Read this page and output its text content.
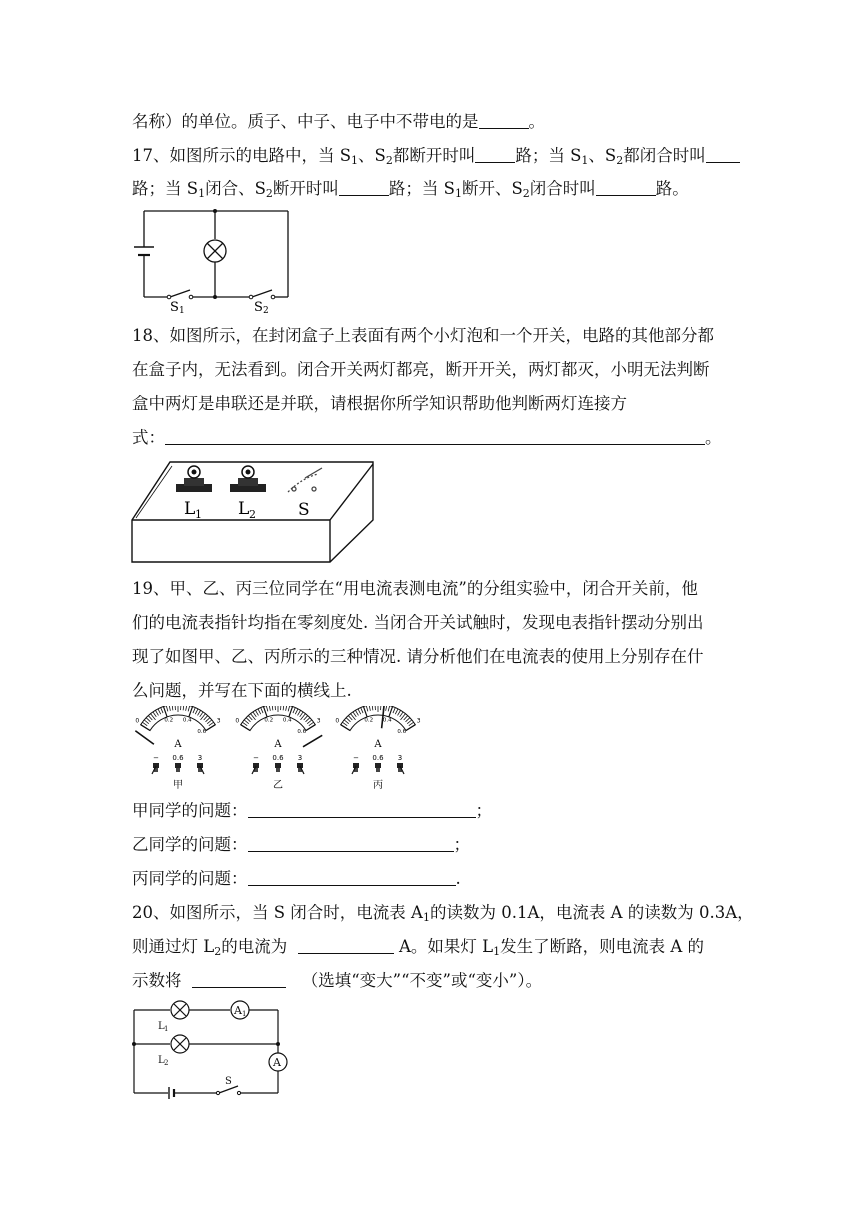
名称）的单位。质子、中子、电子中不带电的是	。
17、如图所示的电路中，当 $S_1$、$S_2$都断开时叫 路；当 $S_1$、$S_2$都闭合时叫
路；当 $S_1$闭合、$S_2$断开时叫	路；当 $S_1$断开、$S_2$闭合时叫	路。
S 1	S 2
18、如图所示，在封闭盒子上表面有两个小灯泡和一个开关，电路的其他部分都
在盒子内，无法看到。闭合开关两灯都亮，断开开关，两灯都灭，小明无法判断
盒中两灯是串联还是并联，请根据你所学知识帮助他判断两灯连接方
式：	。
L 1 L 2 S
19、甲、乙、丙三位同学在“用电流表测电流”的分组实验中，闭合开关前，他
们的电流表指针均指在零刻度处. 当闭合开关试触时，发现电表指针摆动分别出
现了如图甲、乙、丙所示的三种情况. 请分析他们在电流表的使用上分别存在什
么问题，并写在下面的横线上.
0	3
0.2 0.4
0.6
A
− 0.6 3
甲
0	3
0.2 0.4
0.6
A
− 0.6 3
乙
0	3
0.2 0.4
0.6
A
− 0.6 3
丙
甲同学的问题：	；
乙同学的问题：	；
丙同学的问题：	.
20、如图所示，当 S 闭合时，电流表 $A_1$的读数为 0.1A，电流表 A 的读数为 0.3A，
则通过灯 $L_2$的电流为	A。如果灯 $L_1$发生了断路，则电流表 A 的
示数将	（选填“变大”“不变”或“变小”）。
A 1
A
L 1
L 2
S
